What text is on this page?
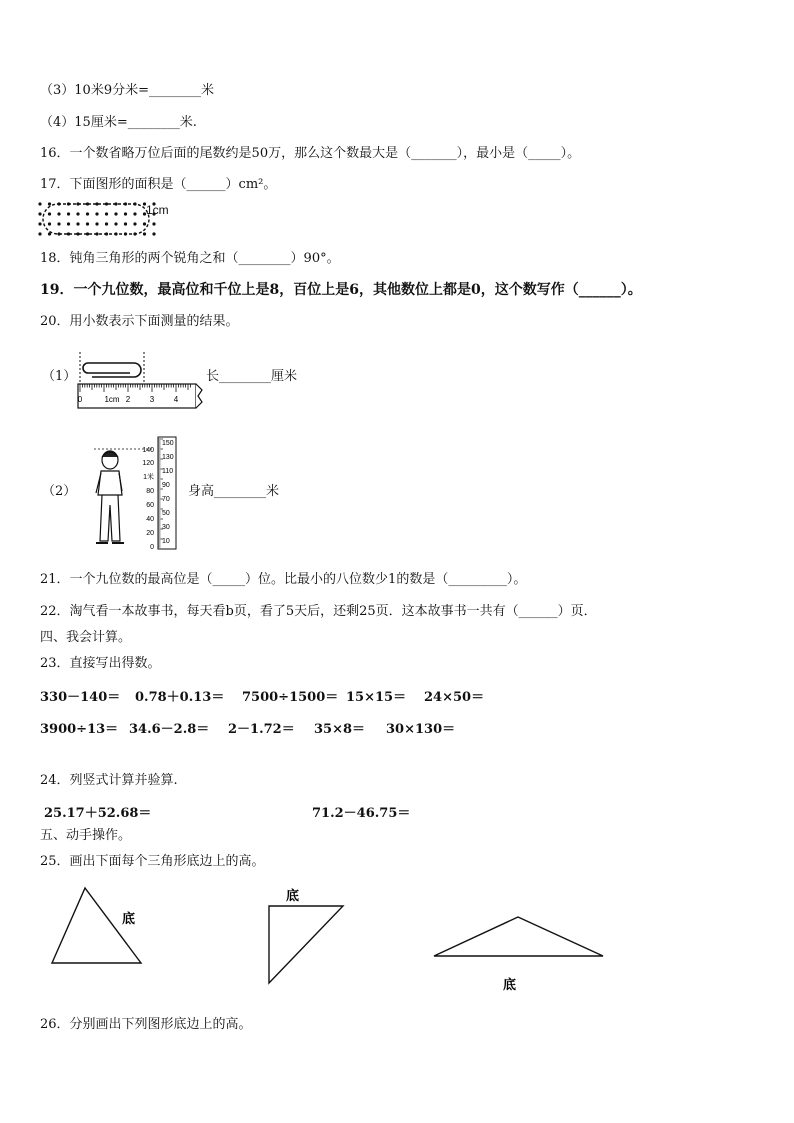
（3）10米9分米=________米
（4）15厘米=________米.
16．一个数省略万位后面的尾数约是50万，那么这个数最大是（_______），最小是（_____）。
17．下面图形的面积是（______）cm²。
1cm
18．钝角三角形的两个锐角之和（________）90°。
19．一个九位数，最高位和千位上是8，百位上是6，其他数位上都是0，这个数写作（______）。
20．用小数表示下面测量的结果。
（1）
0	1cm 2 3 4
长________厘米
（2）
140
120
1米
80
60
40
20
0
150
130
110
90
70
50
30
10
身高________米
21．一个九位数的最高位是（_____）位。比最小的八位数少1的数是（_________）。
22．淘气看一本故事书，每天看b页，看了5天后，还剩25页．这本故事书一共有（______）页．
四、我会计算。
23．直接写出得数。
330－140＝ 0.78＋0.13＝ 7500÷1500＝ 15×15＝ 24×50＝
3900÷13＝ 34.6－2.8＝ 2－1.72＝ 35×8＝ 30×130＝
24．列竖式计算并验算.
25.17＋52.68＝	71.2－46.75＝
五、动手操作。
25．画出下面每个三角形底边上的高。
底
底
底
26．分别画出下列图形底边上的高。
